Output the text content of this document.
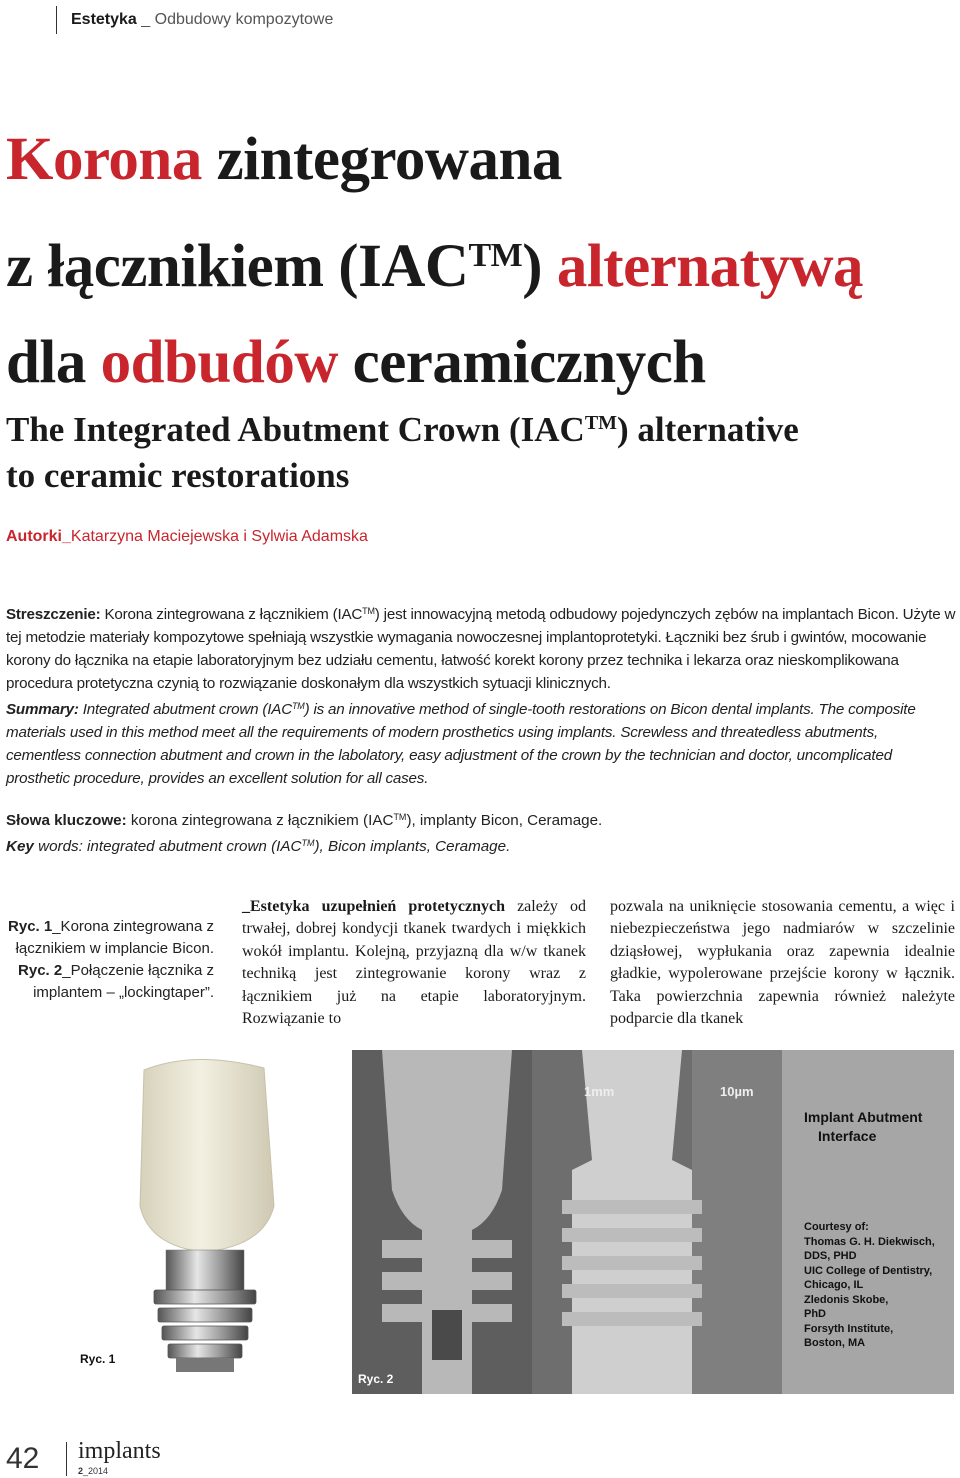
Estetyka _ Odbudowy kompozytowe
Korona zintegrowana
z łącznikiem (IAC™) alternatywą
dla odbudów ceramicznych
The Integrated Abutment Crown (IAC™) alternative
to ceramic restorations
Autorki_Katarzyna Maciejewska i Sylwia Adamska

Streszczenie: Korona zintegrowana z łącznikiem (IAC™) jest innowacyjną metodą odbudowy pojedynczych zębów na implantach Bicon. Użyte w tej metodzie materiały kompozytowe spełniają wszystkie wymagania nowoczesnej implantoprotetyki. Łączniki bez śrub i gwintów, mocowanie korony do łącznika na etapie laboratoryjnym bez udziału cementu, łatwość korekt korony przez technika i lekarza oraz nieskomplikowana procedura protetyczna czynią to rozwiązanie doskonałym dla wszystkich sytuacji klinicznych.

Summary: Integrated abutment crown (IAC™) is an innovative method of single-tooth restorations on Bicon dental implants. The composite materials used in this method meet all the requirements of modern prosthetics using implants. Screwless and threatedless abutments, cementless connection abutment and crown in the labolatory, easy adjustment of the crown by the technician and doctor, uncomplicated prosthetic procedure, provides an excellent solution for all cases.

Słowa kluczowe: korona zintegrowana z łącznikiem (IAC™), implanty Bicon, Ceramage.

Key words: integrated abutment crown (IAC™), Bicon implants, Ceramage.

Ryc. 1_Korona zintegrowana z łącznikiem w implancie Bicon.

Ryc. 2_Połączenie łącznika z implantem – „lockingtaper”.

_Estetyka uzupełnień protetycznych zależy od trwałej, dobrej kondycji tkanek twardych i miękkich wokół implantu. Kolejną, przyjazną dla w/w tkanek techniką jest zintegrowanie korony wraz z łącznikiem już na etapie laboratoryjnym. Rozwiązanie to
pozwala na uniknięcie stosowania cementu, a więc i niebezpieczeństwa jego nadmiarów w szczelinie dziąsłowej, wypłukania oraz zapewnia idealnie gładkie, wypolerowane przejście korony w łącznik. Taka powierzchnia zapewnia również należyte podparcie dla tkanek
Ryc. 1
1mm	10µm
Implant Abutment
Interface
Courtesy of:
Thomas G. H. Diekwisch,
DDS, PHD
UIC College of Dentistry,
Chicago, IL
Zledonis Skobe,
PhD
Forsyth Institute,
Boston, MA
Ryc. 2
42 implants
2_2014
